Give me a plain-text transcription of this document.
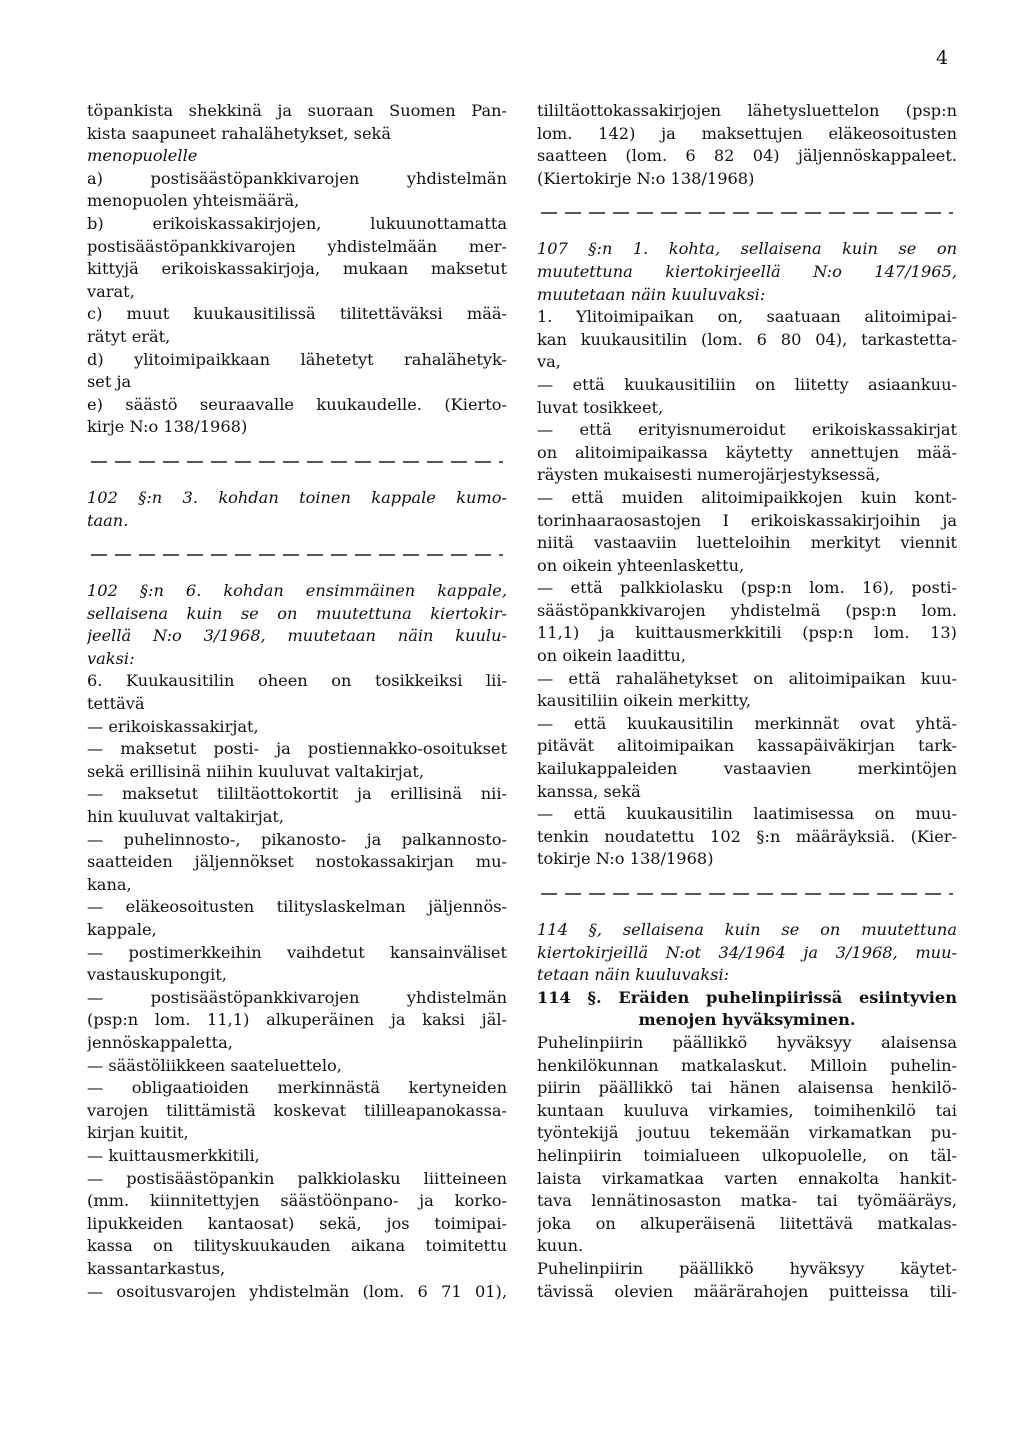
4
töpankista shekkinä ja suoraan Suomen Pan-
kista saapuneet rahalähetykset, sekä
menopuolelle
a) postisäästöpankkivarojen yhdistelmän
menopuolen yhteismäärä,
b) erikoiskassakirjojen, lukuunottamatta
postisäästöpankkivarojen yhdistelmään mer-
kittyjä erikoiskassakirjoja, mukaan maksetut
varat,
c) muut kuukausitilissä tilitettäväksi mää-
rätyt erät,
d) ylitoimipaikkaan lähetetyt rahalähetyk-
set ja
e) säästö seuraavalle kuukaudelle. (Kierto-
kirje N:o 138/1968)
102 §:n 3. kohdan toinen kappale kumo-
taan.
102 §:n 6. kohdan ensimmäinen kappale,
sellaisena kuin se on muutettuna kiertokir-
jeellä N:o 3/1968, muutetaan näin kuulu-
vaksi:
6. Kuukausitilin oheen on tosikkeiksi lii-
tettävä
— erikoiskassakirjat,
— maksetut posti- ja postiennakko-osoitukset
sekä erillisinä niihin kuuluvat valtakirjat,
— maksetut tililtäottokortit ja erillisinä nii-
hin kuuluvat valtakirjat,
— puhelinnosto-, pikanosto- ja palkannosto-
saatteiden jäljennökset nostokassakirjan mu-
kana,
— eläkeosoitusten tilityslaskelman jäljennös-
kappale,
— postimerkkeihin vaihdetut kansainväliset
vastauskupongit,
— postisäästöpankkivarojen yhdistelmän
(psp:n lom. 11,1) alkuperäinen ja kaksi jäl-
jennöskappaletta,
— säästöliikkeen saateluettelo,
— obligaatioiden merkinnästä kertyneiden
varojen tilittämistä koskevat tililleapanokassa-
kirjan kuitit,
— kuittausmerkkitili,
— postisäästöpankin palkkiolasku liitteineen
(mm. kiinnitettyjen säästöönpano- ja korko-
lipukkeiden kantaosat) sekä, jos toimipai-
kassa on tilityskuukauden aikana toimitettu
kassantarkastus,
— osoitusvarojen yhdistelmän (lom. 6 71 01),
tililtäottokassakirjojen lähetysluettelon (psp:n
lom. 142) ja maksettujen eläkeosoitusten
saatteen (lom. 6 82 04) jäljennöskappaleet.
(Kiertokirje N:o 138/1968)
107 §:n 1. kohta, sellaisena kuin se on
muutettuna kiertokirjeellä N:o 147/1965,
muutetaan näin kuuluvaksi:
1. Ylitoimipaikan on, saatuaan alitoimipai-
kan kuukausitilin (lom. 6 80 04), tarkastetta-
va,
— että kuukausitiliin on liitetty asiaankuu-
luvat tosikkeet,
— että erityisnumeroidut erikoiskassakirjat
on alitoimipaikassa käytetty annettujen mää-
räysten mukaisesti numerojärjestyksessä,
— että muiden alitoimipaikkojen kuin kont-
torinhaaraosastojen I erikoiskassakirjoihin ja
niitä vastaaviin luetteloihin merkityt viennit
on oikein yhteenlaskettu,
— että palkkiolasku (psp:n lom. 16), posti-
säästöpankkivarojen yhdistelmä (psp:n lom.
11,1) ja kuittausmerkkitili (psp:n lom. 13)
on oikein laadittu,
— että rahalähetykset on alitoimipaikan kuu-
kausitiliin oikein merkitty,
— että kuukausitilin merkinnät ovat yhtä-
pitävät alitoimipaikan kassapäiväkirjan tark-
kailukappaleiden vastaavien merkintöjen
kanssa, sekä
— että kuukausitilin laatimisessa on muu-
tenkin noudatettu 102 §:n määräyksiä. (Kier-
tokirje N:o 138/1968)
114 §, sellaisena kuin se on muutettuna
kiertokirjeillä N:ot 34/1964 ja 3/1968, muu-
tetaan näin kuuluvaksi:
114 §. Eräiden puhelinpiirissä esiintyvien
menojen hyväksyminen.
Puhelinpiirin päällikkö hyväksyy alaisensa
henkilökunnan matkalaskut. Milloin puhelin-
piirin päällikkö tai hänen alaisensa henkilö-
kuntaan kuuluva virkamies, toimihenkilö tai
työntekijä joutuu tekemään virkamatkan pu-
helinpiirin toimialueen ulkopuolelle, on täl-
laista virkamatkaa varten ennakolta hankit-
tava lennätinosaston matka- tai työmääräys,
joka on alkuperäisenä liitettävä matkalas-
kuun.
Puhelinpiirin päällikkö hyväksyy käytet-
tävissä olevien määrärahojen puitteissa tili-
